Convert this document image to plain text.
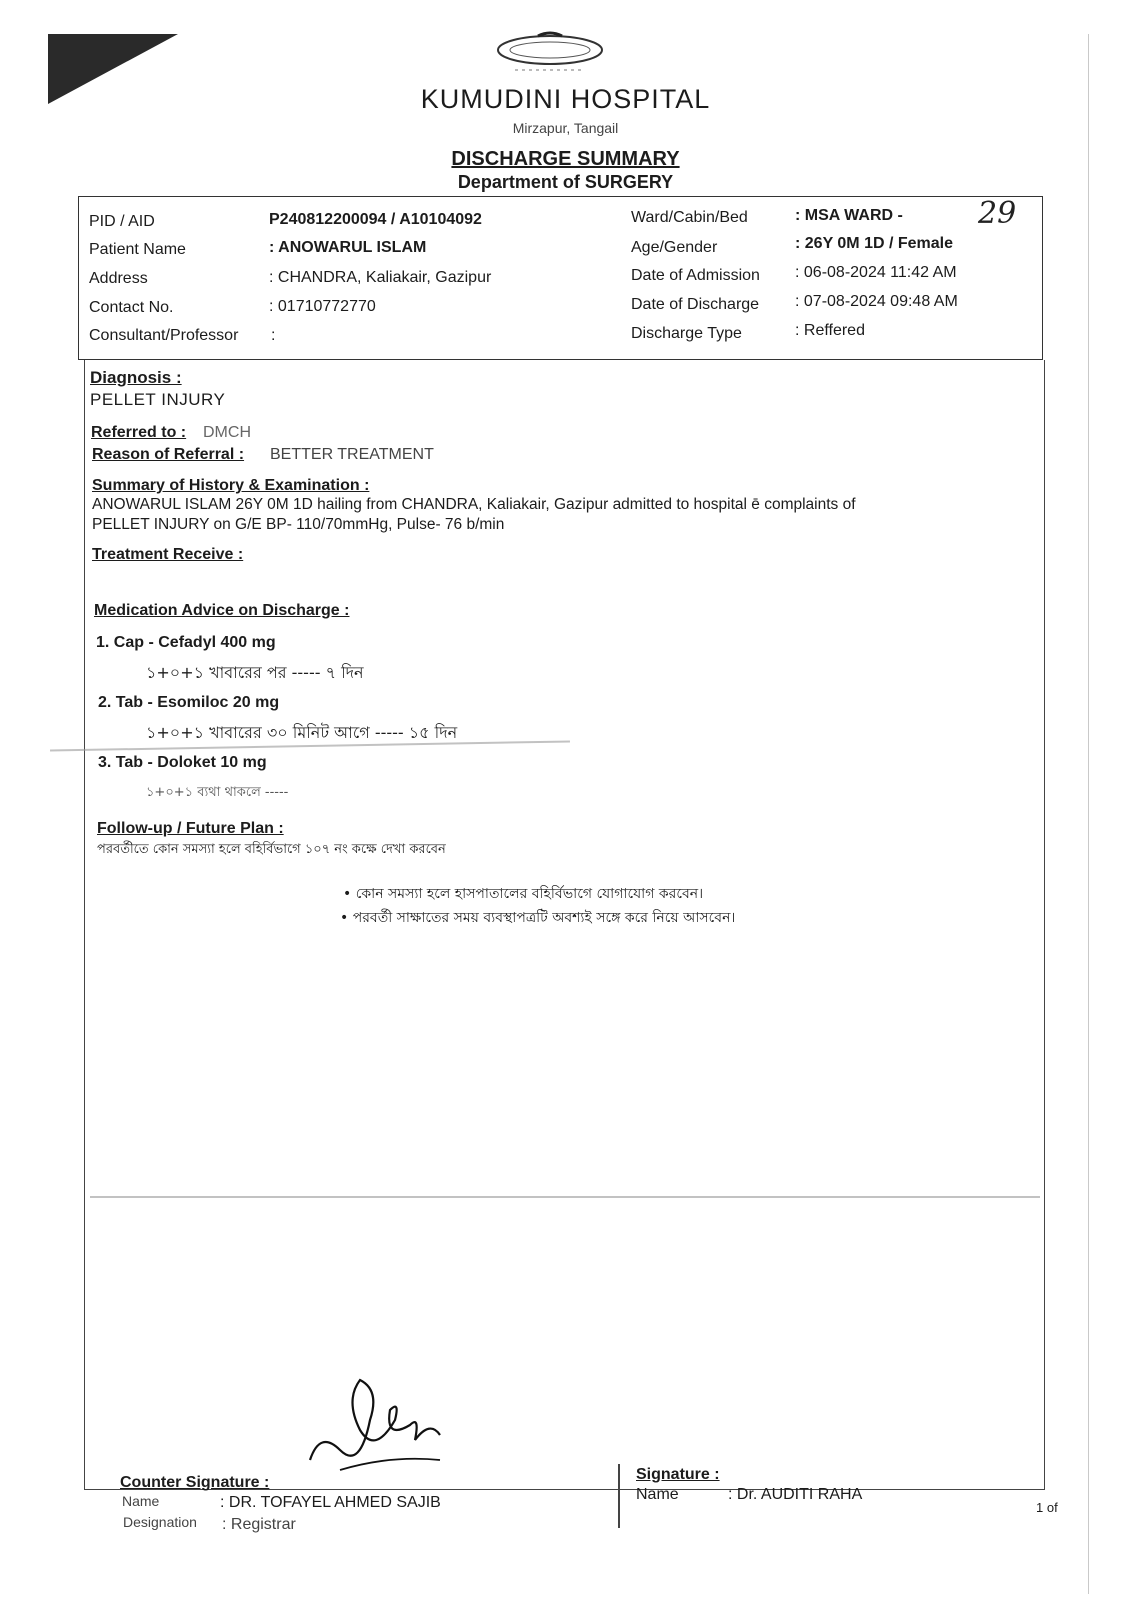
KUMUDINI HOSPITAL
Mirzapur, Tangail
DISCHARGE SUMMARY
Department of SURGERY
PID / AID	P240812200094 / A10104092
Patient Name	: ANOWARUL ISLAM
Address	: CHANDRA, Kaliakair, Gazipur
Contact No.	: 01710772770
Consultant/Professor :
Ward/Cabin/Bed	: MSA WARD -
Age/Gender	: 26Y 0M 1D / Female
Date of Admission : 06-08-2024 11:42 AM
Date of Discharge : 07-08-2024 09:48 AM
Discharge Type	: Reffered
29
Diagnosis :
PELLET INJURY
Referred to : DMCH
Reason of Referral : BETTER TREATMENT
Summary of History & Examination :
ANOWARUL ISLAM 26Y 0M 1D hailing from CHANDRA, Kaliakair, Gazipur admitted to hospital ē complaints of
PELLET INJURY on G/E BP- 110/70mmHg, Pulse- 76 b/min
Treatment Receive :
Medication Advice on Discharge :
1. Cap - Cefadyl 400 mg
১+০+১ খাবারের পর ----- ৭ দিন
2. Tab - Esomiloc 20 mg
১+০+১ খাবারের ৩০ মিনিট আগে ----- ১৫ দিন
3. Tab - Doloket 10 mg
১+০+১ ব্যথা থাকলে -----
Follow-up / Future Plan :
পরবর্তীতে কোন সমস্যা হলে বহির্বিভাগে ১০৭ নং কক্ষে দেখা করবেন
• কোন সমস্যা হলে হাসপাতালের বহির্বিভাগে যোগাযোগ করবেন।
• পরবর্তী সাক্ষাতের সময় ব্যবস্থাপত্রটি অবশ্যই সঙ্গে করে নিয়ে আসবেন।
Counter Signature :
Name	: DR. TOFAYEL AHMED SAJIB
Designation : Registrar
Signature :
Name	: Dr. AUDITI RAHA
1 of
